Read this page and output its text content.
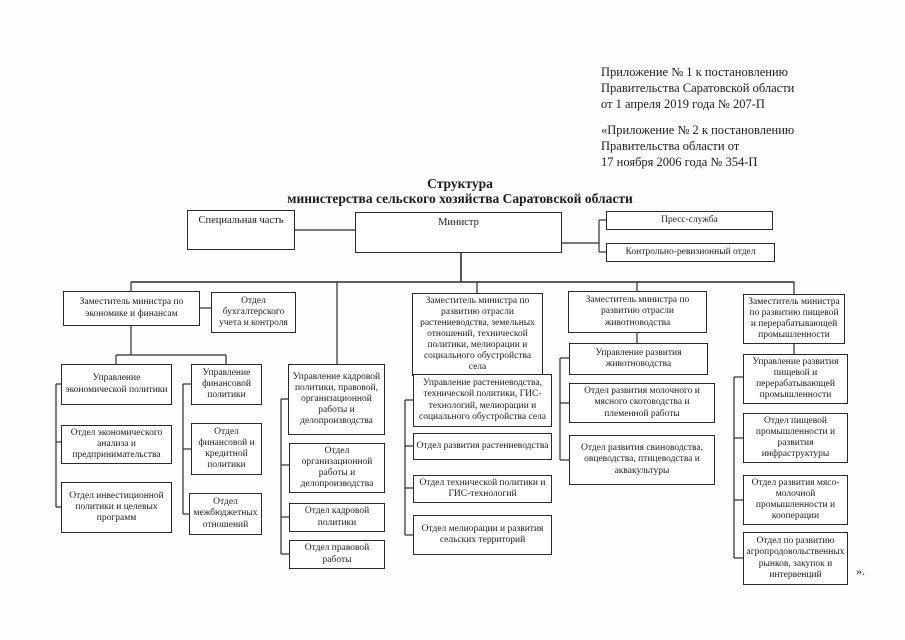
Приложение № 1 к постановлению
Правительства Саратовской области
от 1 апреля 2019 года № 207-П
«Приложение № 2 к постановлению
Правительства области от
17 ноября 2006 года № 354-П
Структура
министерства сельского хозяйства Саратовской области
Специальная часть	Министр	Пресс-служба
Контрольно-ревизионный отдел
Заместитель министра по экономике и финансам
Отдел бухгалтерского учета и контроля
Заместитель министра по развитию отрасли растениеводства, земельных отношений, технической политики, мелиорации и социального обустройства села
Заместитель министра по развитию отрасли животноводства
Заместитель министра по развитию пищевой и перерабатывающей промышленности
Управление экономической политики
Отдел экономического анализа и предпринимательства
Отдел инвестиционной политики и целевых программ
Управление финансовой политики
Отдел финансовой и кредитной политики
Отдел межбюджетных отношений
Управление кадровой политики, правовой, организационной работы и делопроизводства
Отдел организационной работы и делопроизводства
Отдел кадровой политики
Отдел правовой работы
Управление растениеводства, технической политики, ГИС-технологий, мелиорации и социального обустройства села
Отдел развития растениеводства
Отдел технической политики и ГИС-технологий
Отдел мелиорации и развития сельских территорий
Управление развития животноводства
Отдел развития молочного и мясного скотоводства и племенной работы
Отдел развития свиноводства, овцеводства, птицеводства и аквакультуры
Управление развития пищевой и перерабатывающей промышленности
Отдел пищевой промышленности и развития инфраструктуры
Отдел развития мясо-молочной промышленности и кооперации
Отдел по развитию агропродовольственных рынков, закупок и интервенций	».
